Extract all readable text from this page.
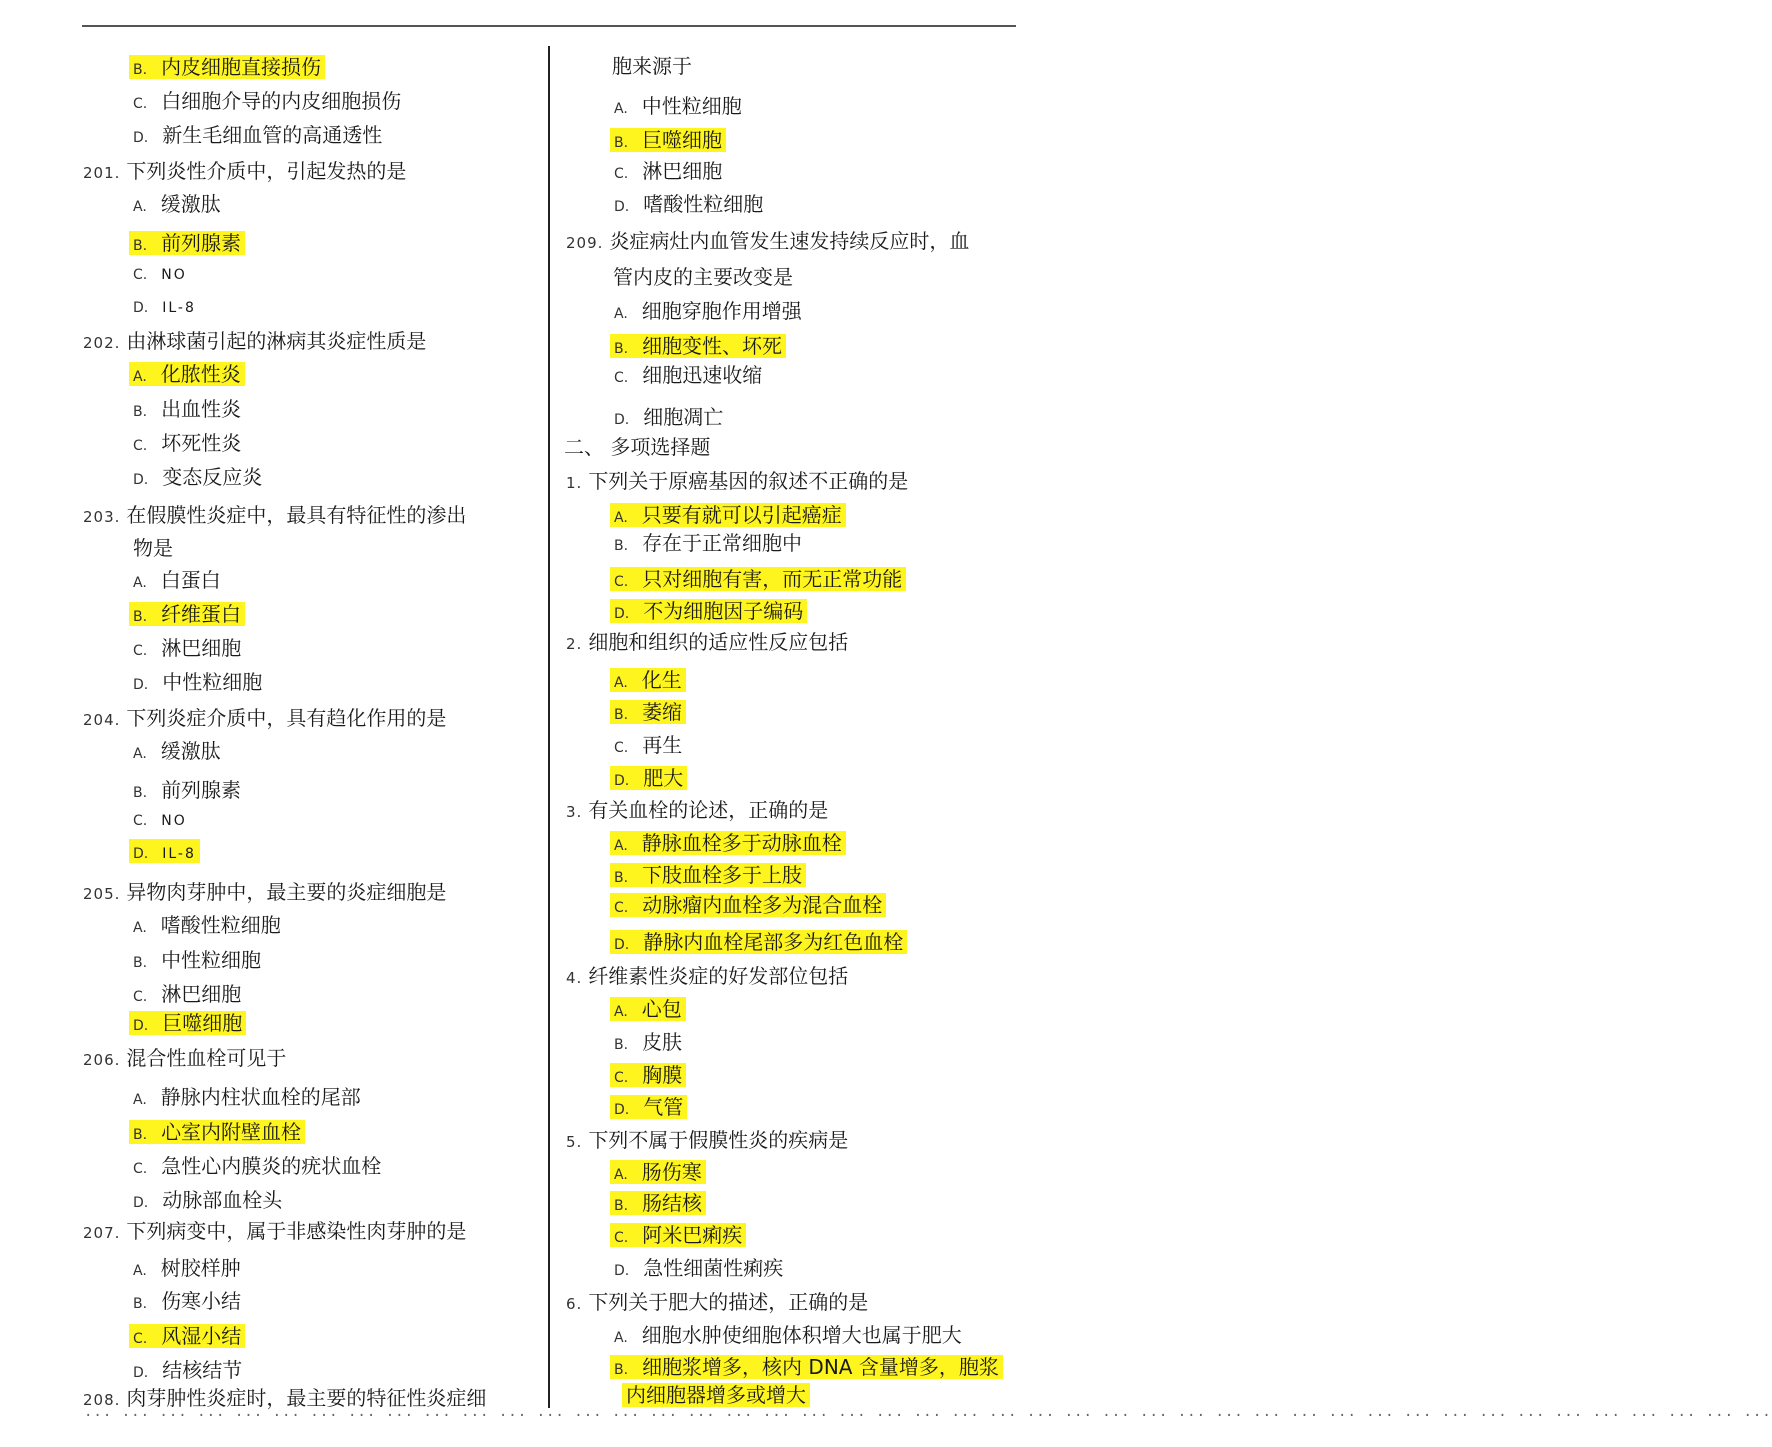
B. 内皮细胞直接损伤
C. 白细胞介导的内皮细胞损伤
D. 新生毛细血管的高通透性
201. 下列炎性介质中，引起发热的是
A. 缓激肽
B. 前列腺素
C. NO
D. IL-8
202. 由淋球菌引起的淋病其炎症性质是
A. 化脓性炎
B. 出血性炎
C. 坏死性炎
D. 变态反应炎
203. 在假膜性炎症中，最具有特征性的渗出
物是
A. 白蛋白
B. 纤维蛋白
C. 淋巴细胞
D. 中性粒细胞
204. 下列炎症介质中，具有趋化作用的是
A. 缓激肽
B. 前列腺素
C. NO
D. IL-8
205. 异物肉芽肿中，最主要的炎症细胞是
A. 嗜酸性粒细胞
B. 中性粒细胞
C. 淋巴细胞
D. 巨噬细胞
206. 混合性血栓可见于
A. 静脉内柱状血栓的尾部
B. 心室内附壁血栓
C. 急性心内膜炎的疣状血栓
D. 动脉部血栓头
207. 下列病变中，属于非感染性肉芽肿的是
A. 树胶样肿
B. 伤寒小结
C. 风湿小结
D. 结核结节
208. 肉芽肿性炎症时，最主要的特征性炎症细
胞来源于
A. 中性粒细胞
B. 巨噬细胞
C. 淋巴细胞
D. 嗜酸性粒细胞
209. 炎症病灶内血管发生速发持续反应时，血
管内皮的主要改变是
A. 细胞穿胞作用增强
B. 细胞变性、坏死
C. 细胞迅速收缩
D. 细胞凋亡
二、 多项选择题
1. 下列关于原癌基因的叙述不正确的是
A. 只要有就可以引起癌症
B. 存在于正常细胞中
C. 只对细胞有害，而无正常功能
D. 不为细胞因子编码
2. 细胞和组织的适应性反应包括
A. 化生
B. 萎缩
C. 再生
D. 肥大
3. 有关血栓的论述，正确的是
A. 静脉血栓多于动脉血栓
B. 下肢血栓多于上肢
C. 动脉瘤内血栓多为混合血栓
D. 静脉内血栓尾部多为红色血栓
4. 纤维素性炎症的好发部位包括
A. 心包
B. 皮肤
C. 胸膜
D. 气管
5. 下列不属于假膜性炎的疾病是
A. 肠伤寒
B. 肠结核
C. 阿米巴痢疾
D. 急性细菌性痢疾
6. 下列关于肥大的描述，正确的是
A. 细胞水肿使细胞体积增大也属于肥大
B. 细胞浆增多，核内 DNA 含量增多，胞浆
内细胞器增多或增大
··· ··· ··· ··· ··· ··· ··· ··· ··· ··· ··· ··· ··· ··· ··· ··· ··· ··· ··· ··· ··· ··· ··· ··· ··· ··· ··· ··· ··· ··· ··· ··· ··· ··· ··· ··· ··· ··· ··· ··· ··· ··· ··· ··· ···
